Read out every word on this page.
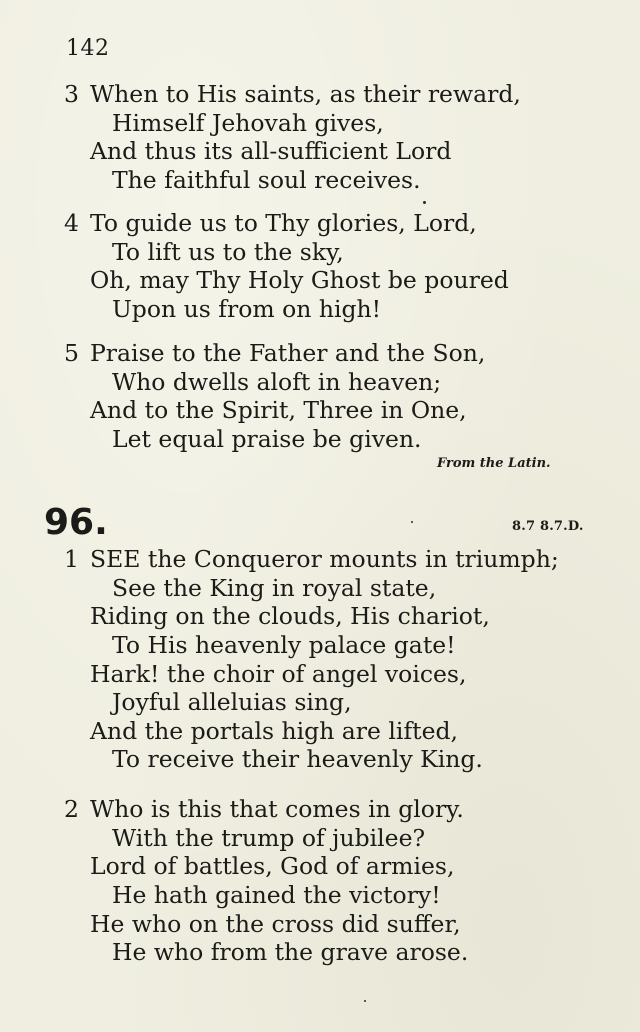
142
3 When to His saints, as their reward,
Himself Jehovah gives,
And thus its all-sufficient Lord
The faithful soul receives.
4 To guide us to Thy glories, Lord,
To lift us to the sky,
Oh, may Thy Holy Ghost be poured
Upon us from on high!
5 Praise to the Father and the Son,
Who dwells aloft in heaven;
And to the Spirit, Three in One,
Let equal praise be given.
From the Latin.
96.	8.7 8.7.D.
1 SEE the Conqueror mounts in triumph;
See the King in royal state,
Riding on the clouds, His chariot,
To His heavenly palace gate!
Hark! the choir of angel voices,
Joyful alleluias sing,
And the portals high are lifted,
To receive their heavenly King.
2 Who is this that comes in glory.
With the trump of jubilee?
Lord of battles, God of armies,
He hath gained the victory!
He who on the cross did suffer,
He who from the grave arose.
